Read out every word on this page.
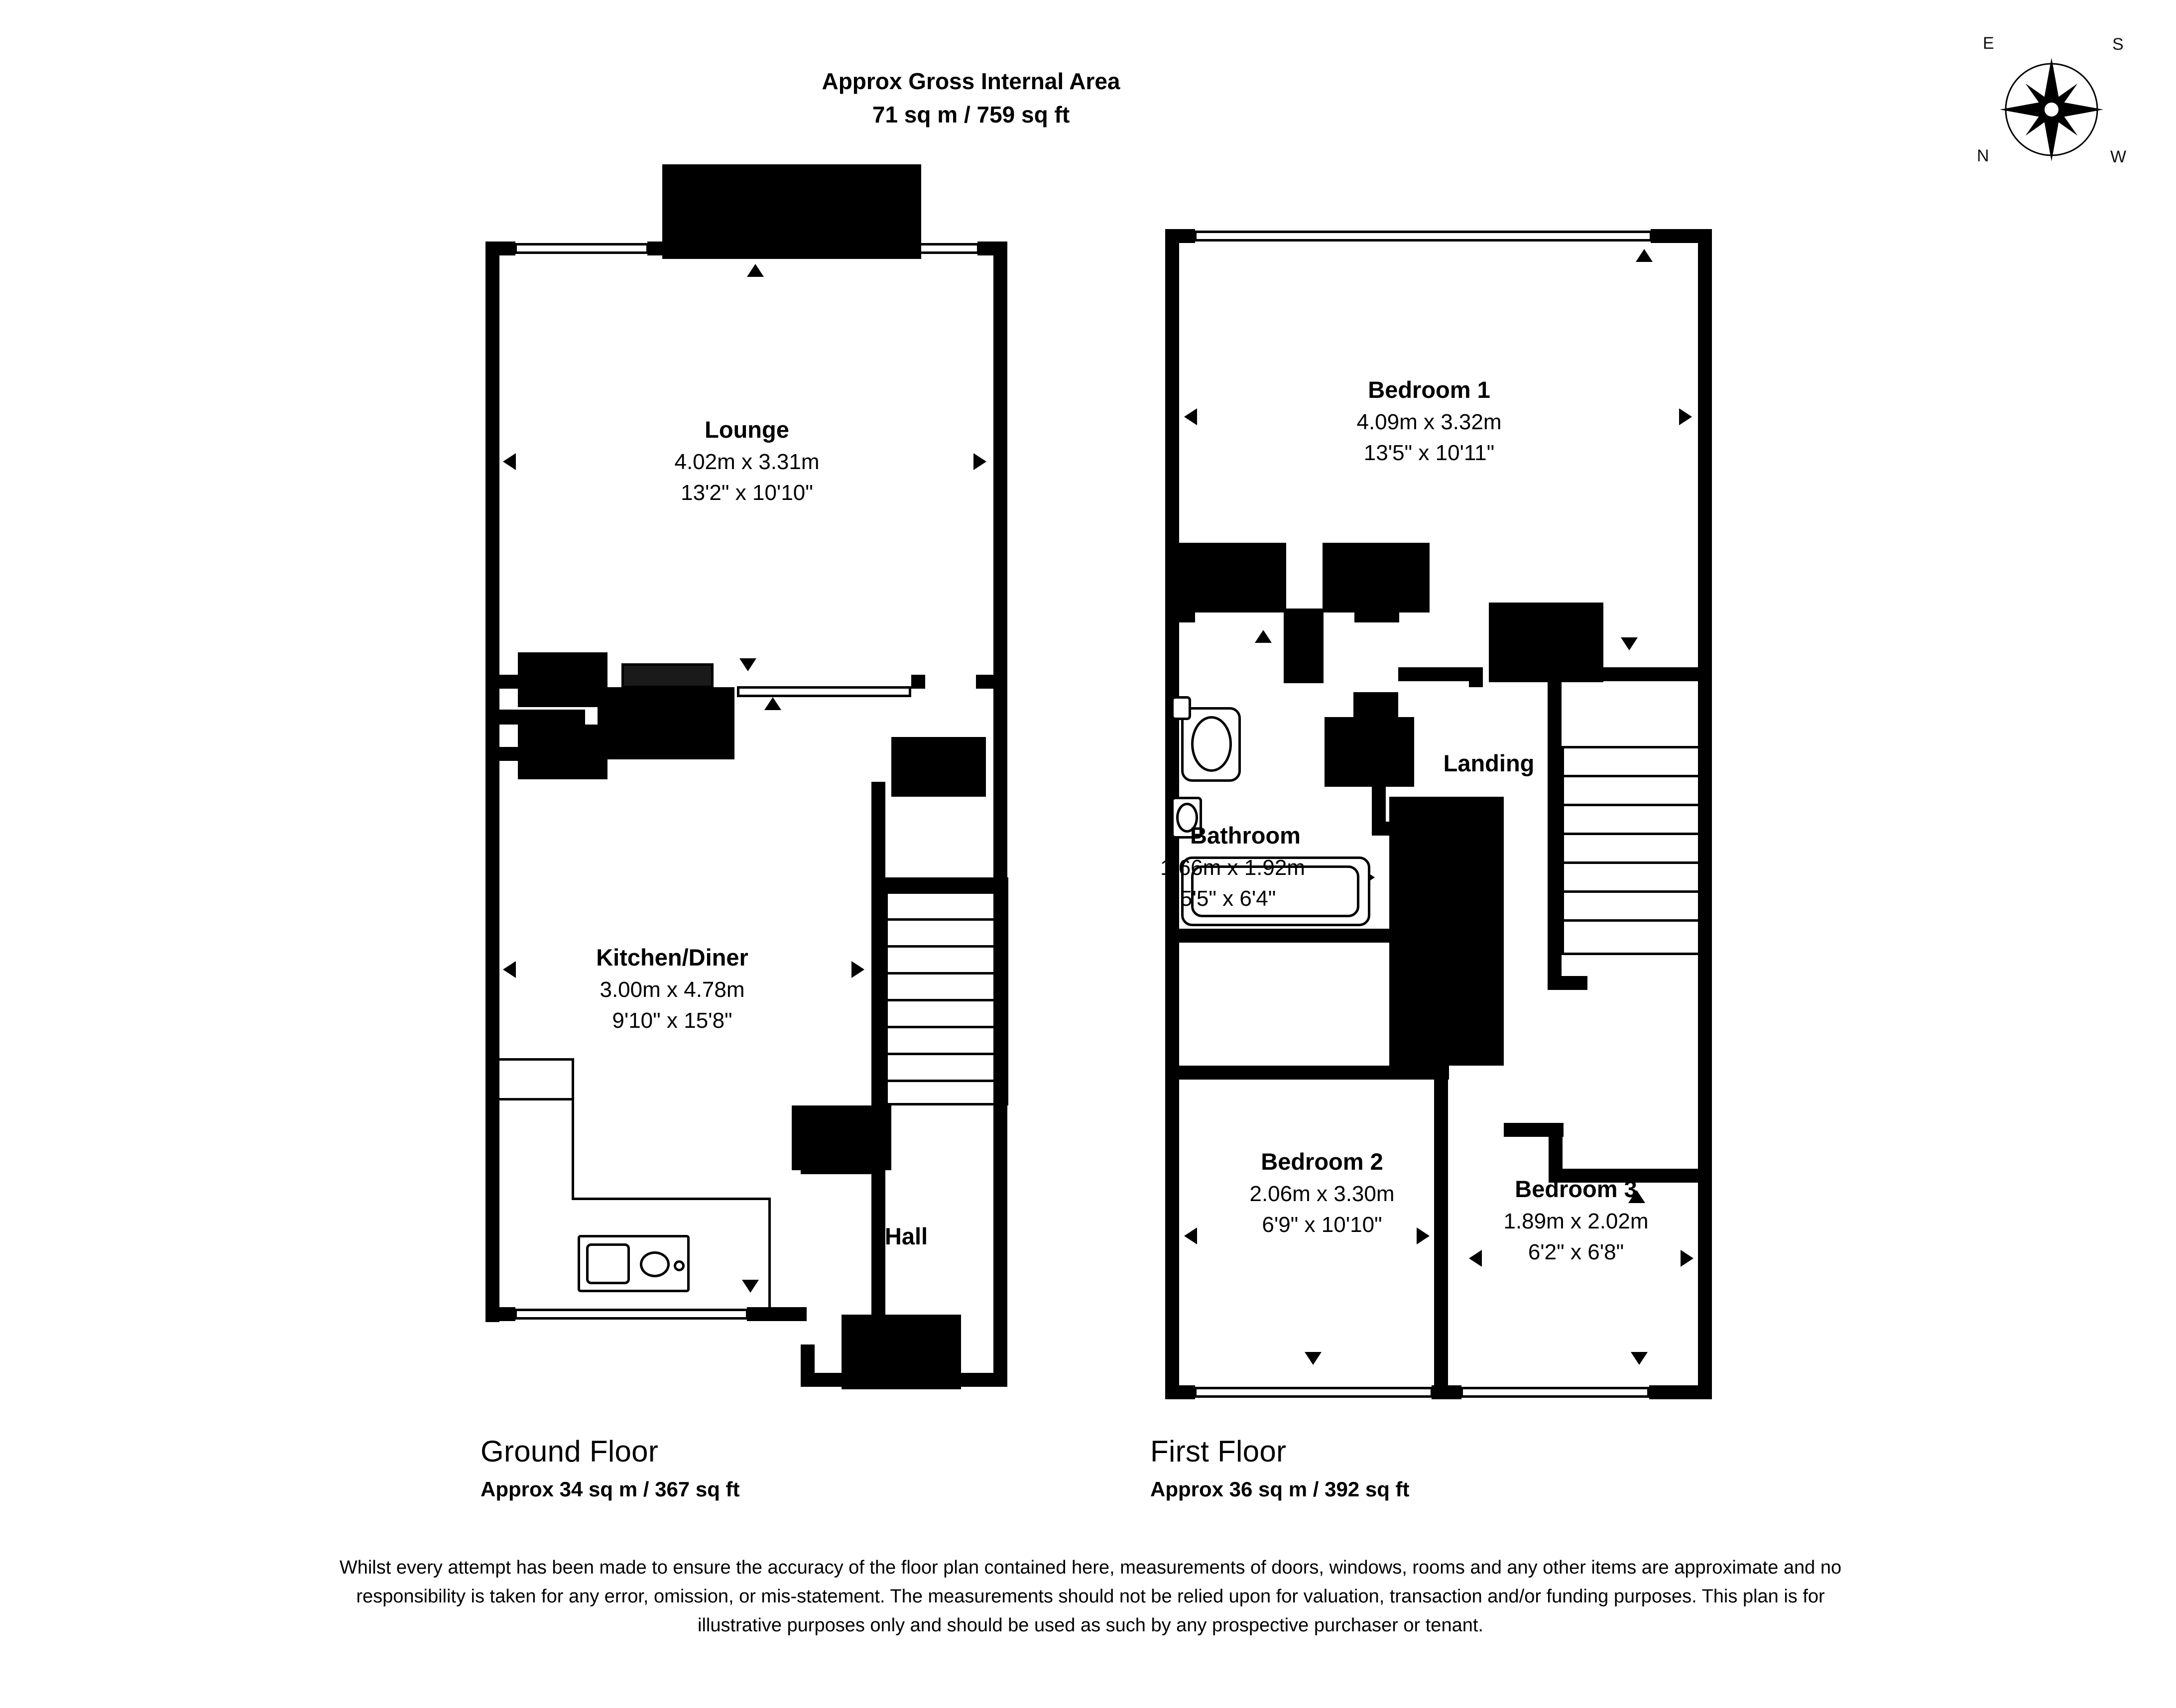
Approx Gross Internal Area
71 sq m / 759 sq ft
N
S
E
W
Lounge
4.02m x 3.31m
13'2" x 10'10"
Kitchen/Diner
3.00m x 4.78m
9'10" x 15'8"
Hall
Bedroom 1
4.09m x 3.32m
13'5" x 10'11"
Bathroom
1.66m x 1.92m
5'5" x 6'4"
Landing
Bedroom 2
2.06m x 3.30m
6'9" x 10'10"
Bedroom 3
1.89m x 2.02m
6'2" x 6'8"
Ground Floor
Approx 34 sq m / 367 sq ft
First Floor
Approx 36 sq m / 392 sq ft
Whilst every attempt has been made to ensure the accuracy of the floor plan contained here, measurements of doors, windows, rooms and any other items are approximate and no responsibility is taken for any error, omission, or mis-statement. The measurements should not be relied upon for valuation, transaction and/or funding purposes. This plan is for illustrative purposes only and should be used as such by any prospective purchaser or tenant.
